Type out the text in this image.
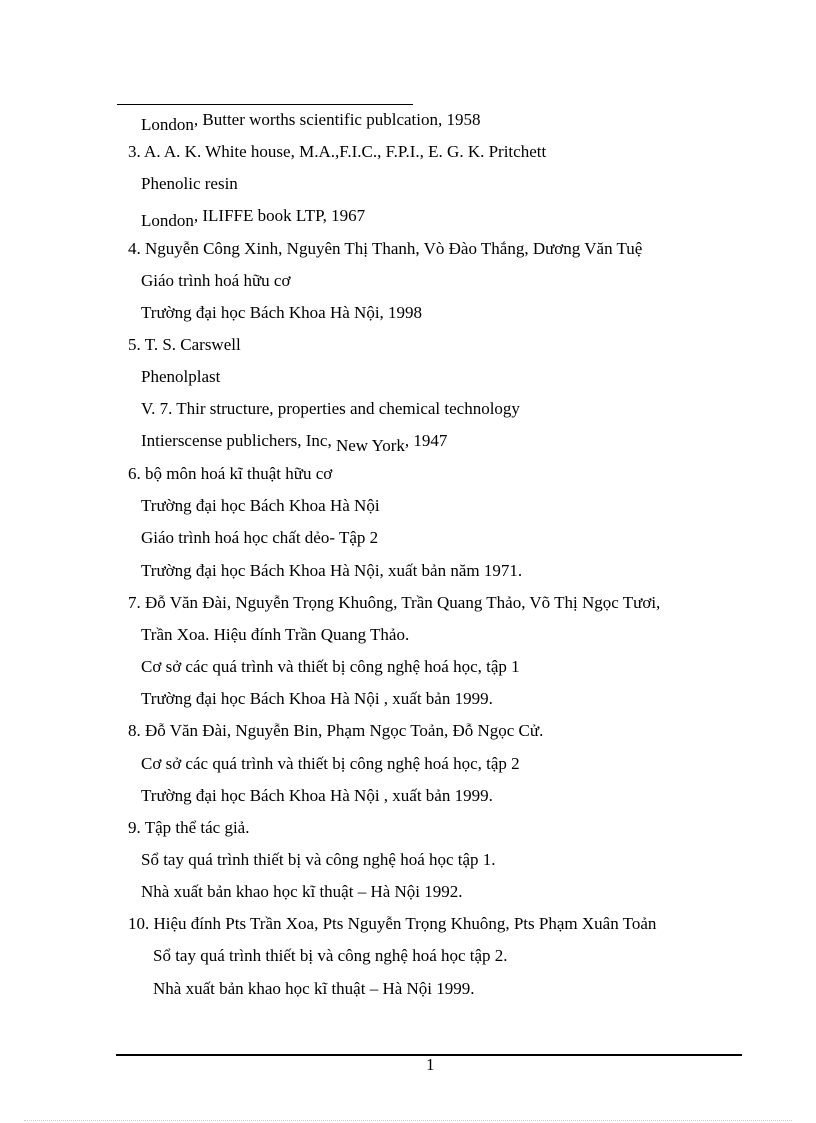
London, Butter worths scientific publcation, 1958
3. A. A. K. White house, M.A.,F.I.C., F.P.I., E. G. K. Pritchett
Phenolic resin
London, ILIFFE book LTP, 1967
4. Nguyễn Công Xinh, Nguyên Thị Thanh, Vò Đào Thắng, Dương Văn Tuệ
Giáo trình hoá hữu cơ
Trường đại học Bách Khoa Hà Nội, 1998
5. T. S. Carswell
Phenolplast
V. 7. Thir structure, properties and chemical technology
Intierscense publichers, Inc, New York, 1947
6. bộ môn hoá kĩ thuật hữu cơ
Trường đại học Bách Khoa Hà Nội
Giáo trình hoá học chất dẻo- Tập 2
Trường đại học Bách Khoa Hà Nội, xuất bản năm 1971.
7. Đỗ Văn Đài, Nguyễn Trọng Khuông, Trần Quang Thảo, Võ Thị Ngọc Tươi,
Trần Xoa. Hiệu đính Trần Quang Thảo.
Cơ sở các quá trình và thiết bị công nghệ hoá học, tập 1
Trường đại học Bách Khoa Hà Nội , xuất bản 1999.
8. Đỗ Văn Đài, Nguyễn Bin, Phạm Ngọc Toản, Đỗ Ngọc Cử.
Cơ sở các quá trình và thiết bị công nghệ hoá học, tập 2
Trường đại học Bách Khoa Hà Nội , xuất bản 1999.
9. Tập thể tác giả.
Sổ tay quá trình thiết bị và công nghệ hoá học tập 1.
Nhà xuất bản khao học kĩ thuật – Hà Nội 1992.
10. Hiệu đính Pts Trần Xoa, Pts Nguyễn Trọng Khuông, Pts Phạm Xuân Toản
Sổ tay quá trình thiết bị và công nghệ hoá học tập 2.
Nhà xuất bản khao học kĩ thuật – Hà Nội 1999.
1
